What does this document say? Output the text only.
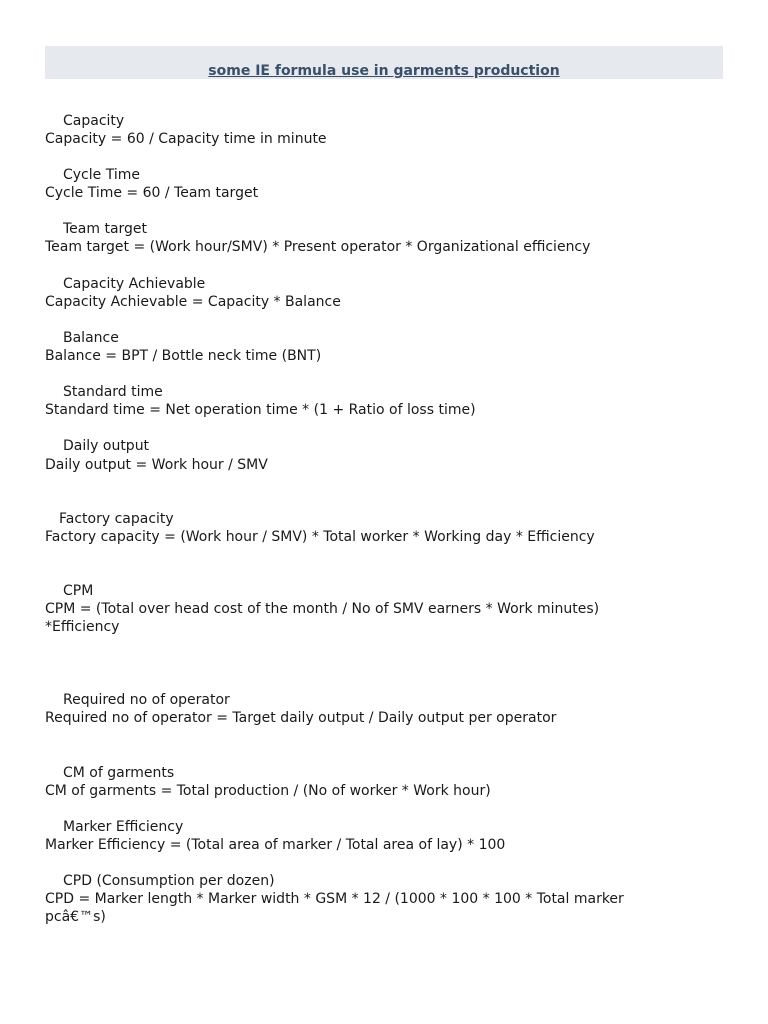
some IE formula use in garments production
Capacity
Capacity = 60 / Capacity time in minute
Cycle Time
Cycle Time = 60 / Team target
Team target
Team target = (Work hour/SMV) * Present operator * Organizational efficiency
Capacity Achievable
Capacity Achievable = Capacity * Balance
Balance
Balance = BPT / Bottle neck time (BNT)
Standard time
Standard time = Net operation time * (1 + Ratio of loss time)
Daily output
Daily output = Work hour / SMV
Factory capacity
Factory capacity = (Work hour / SMV) * Total worker * Working day * Efficiency
CPM
CPM = (Total over head cost of the month / No of SMV earners * Work minutes)
*Efficiency
Required no of operator
Required no of operator = Target daily output / Daily output per operator
CM of garments
CM of garments = Total production / (No of worker * Work hour)
Marker Efficiency
Marker Efficiency = (Total area of marker / Total area of lay) * 100
CPD (Consumption per dozen)
CPD = Marker length * Marker width * GSM * 12 / (1000 * 100 * 100 * Total marker
pcâ€™s)
